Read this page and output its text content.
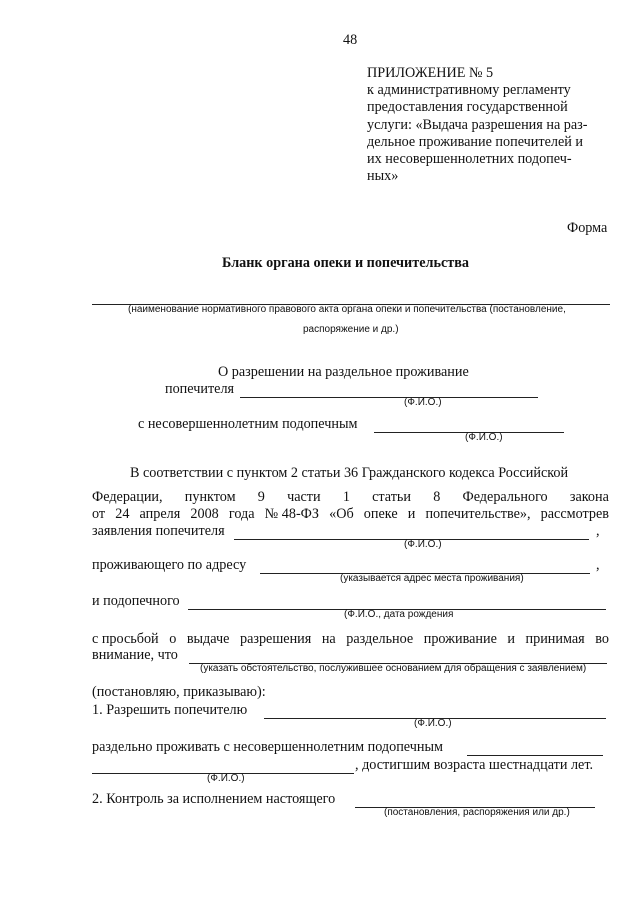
48
ПРИЛОЖЕНИЕ № 5
к административному регламенту
предоставления государственной
услуги: «Выдача разрешения на раз-
дельное проживание попечителей и
их несовершеннолетних подопеч-
ных»
Форма
Бланк органа опеки и попечительства
(наименование нормативного правового акта органа опеки и попечительства (постановление,
распоряжение и др.)
О разрешении на раздельное проживание
попечителя
(Ф.И.О.)
с несовершеннолетним подопечным
(Ф.И.О.)
В соответствии с пунктом 2 статьи 36 Гражданского кодекса Российской
Федерации, пунктом 9 части 1 статьи 8 Федерального закона
от 24 апреля 2008 года № 48-ФЗ «Об опеке и попечительстве», рассмотрев
заявления попечителя	,
(Ф.И.О.)
проживающего по адресу	,
(указывается адрес места проживания)
и подопечного
(Ф.И.О., дата рождения
с просьбой о выдаче разрешения на раздельное проживание и принимая во
внимание, что
(указать обстоятельство, послужившее основанием для обращения с заявлением)
(постановляю, приказываю):
1. Разрешить попечителю
(Ф.И.О.)
раздельно проживать с несовершеннолетним подопечным
, достигшим возраста шестнадцати лет.
(Ф.И.О.)
2. Контроль за исполнением настоящего
(постановления, распоряжения или др.)
